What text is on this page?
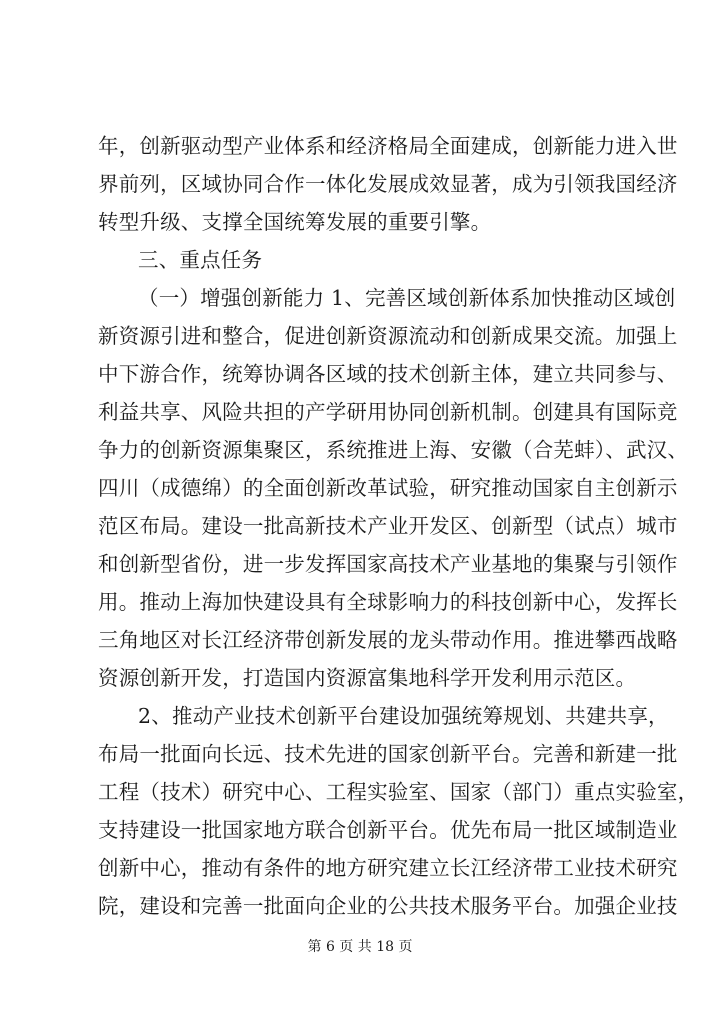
年，创新驱动型产业体系和经济格局全面建成，创新能力进入世
界前列，区域协同合作一体化发展成效显著，成为引领我国经济
转型升级、支撑全国统筹发展的重要引擎。
三、重点任务
（一）增强创新能力 1、完善区域创新体系加快推动区域创
新资源引进和整合，促进创新资源流动和创新成果交流。加强上
中下游合作，统筹协调各区域的技术创新主体，建立共同参与、
利益共享、风险共担的产学研用协同创新机制。创建具有国际竞
争力的创新资源集聚区，系统推进上海、安徽（合芜蚌）、武汉、
四川（成德绵）的全面创新改革试验，研究推动国家自主创新示
范区布局。建设一批高新技术产业开发区、创新型（试点）城市
和创新型省份，进一步发挥国家高技术产业基地的集聚与引领作
用。推动上海加快建设具有全球影响力的科技创新中心，发挥长
三角地区对长江经济带创新发展的龙头带动作用。推进攀西战略
资源创新开发，打造国内资源富集地科学开发利用示范区。
2、推动产业技术创新平台建设加强统筹规划、共建共享，
布局一批面向长远、技术先进的国家创新平台。完善和新建一批
工程（技术）研究中心、工程实验室、国家（部门）重点实验室，
支持建设一批国家地方联合创新平台。优先布局一批区域制造业
创新中心，推动有条件的地方研究建立长江经济带工业技术研究
院，建设和完善一批面向企业的公共技术服务平台。加强企业技
第 6 页 共 18 页
